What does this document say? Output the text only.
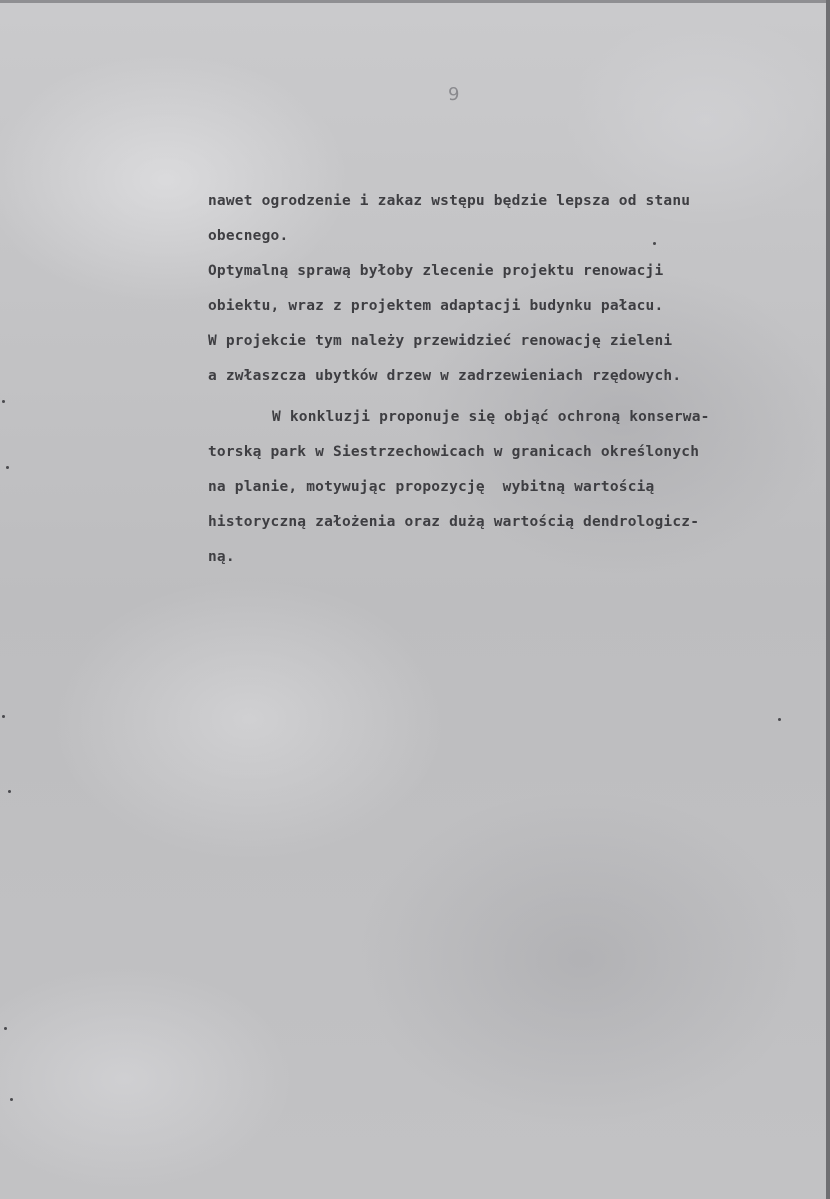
9
nawet ogrodzenie i zakaz wstępu będzie lepsza od stanu
obecnego.
Optymalną sprawą byłoby zlecenie projektu renowacji
obiektu, wraz z projektem adaptacji budynku pałacu.
W projekcie tym należy przewidzieć renowację zieleni
a zwłaszcza ubytków drzew w zadrzewieniach rzędowych.
W konkluzji proponuje się objąć ochroną konserwa-
torską park w Siestrzechowicach w granicach określonych
na planie, motywując propozycję  wybitną wartością
historyczną założenia oraz dużą wartością dendrologicz-
ną.
